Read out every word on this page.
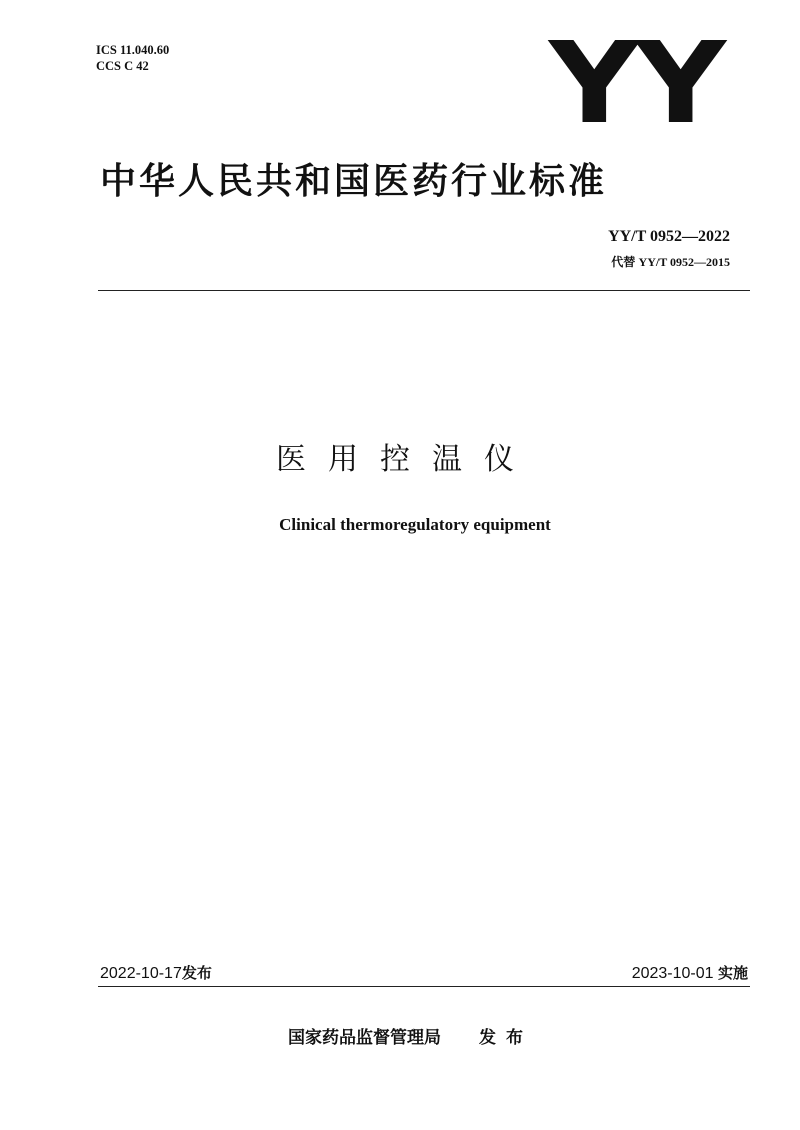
ICS 11.040.60
CCS C 42	YY
中华人民共和国医药行业标准
YY/T 0952—2022
代替 YY/T 0952—2015
医用控温仪
Clinical thermoregulatory equipment
2022-10-17发布	2023-10-01 实施
国家药品监督管理局 发布
